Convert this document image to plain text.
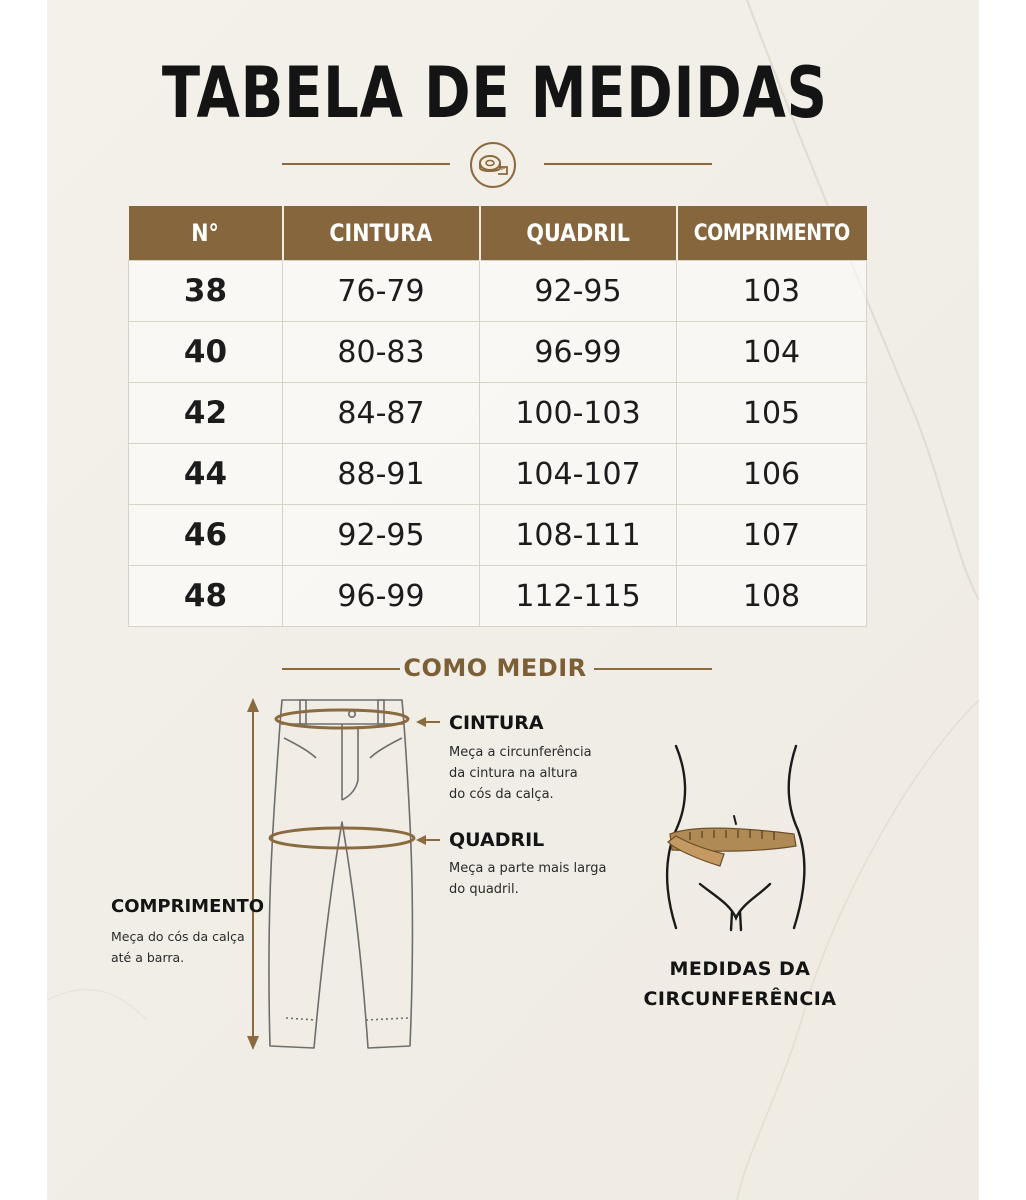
TABELA DE MEDIDAS
N°	CINTURA	QUADRIL	COMPRIMENTO
38	76-79	92-95	103
40	80-83	96-99	104
42	84-87	100-103	105
44	88-91	104-107	106
46	92-95	108-111	107
48	96-99	112-115	108
COMO MEDIR
CINTURA
Meça a circunferência
da cintura na altura
do cós da calça.
QUADRIL
Meça a parte mais larga
do quadril.
COMPRIMENTO
Meça do cós da calça
até a barra.
MEDIDAS DA
CIRCUNFERÊNCIA
